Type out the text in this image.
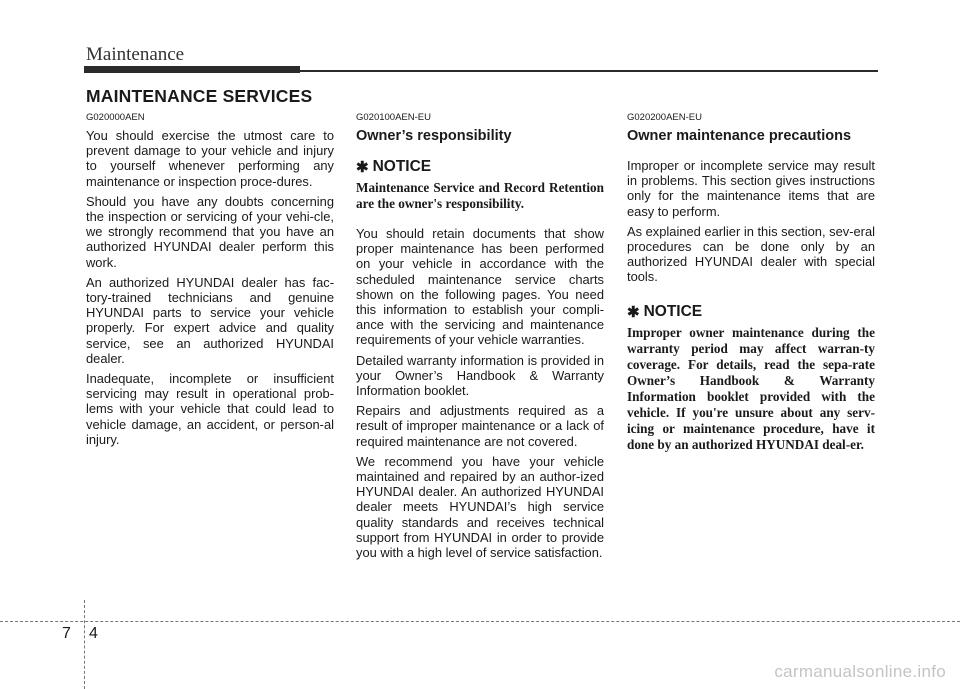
Maintenance
MAINTENANCE SERVICES
G020000AEN

You should exercise the utmost care to prevent damage to your vehicle and injury to yourself whenever performing any maintenance or inspection proce-dures.

Should you have any doubts concerning the inspection or servicing of your vehi-cle, we strongly recommend that you have an authorized HYUNDAI dealer perform this work.

An authorized HYUNDAI dealer has fac-tory-trained technicians and genuine HYUNDAI parts to service your vehicle properly. For expert advice and quality service, see an authorized HYUNDAI dealer.

Inadequate, incomplete or insufficient servicing may result in operational prob-lems with your vehicle that could lead to vehicle damage, an accident, or person-al injury.

G020100AEN-EU
Owner’s responsibility
✱ NOTICE
Maintenance Service and Record Retention are the owner's responsibility.

You should retain documents that show proper maintenance has been performed on your vehicle in accordance with the scheduled maintenance service charts shown on the following pages. You need this information to establish your compli-ance with the servicing and maintenance requirements of your vehicle warranties.

Detailed warranty information is provided in your Owner’s Handbook & Warranty Information booklet.

Repairs and adjustments required as a result of improper maintenance or a lack of required maintenance are not covered.

We recommend you have your vehicle maintained and repaired by an author-ized HYUNDAI dealer. An authorized HYUNDAI dealer meets HYUNDAI’s high service quality standards and receives technical support from HYUNDAI in order to provide you with a high level of service satisfaction.

G020200AEN-EU
Owner maintenance precautions

Improper or incomplete service may result in problems. This section gives instructions only for the maintenance items that are easy to perform.

As explained earlier in this section, sev-eral procedures can be done only by an authorized HYUNDAI dealer with special tools.

✱ NOTICE
Improper owner maintenance during the warranty period may affect warran-ty coverage. For details, read the sepa-rate Owner’s Handbook & Warranty Information booklet provided with the vehicle. If you're unsure about any serv-icing or maintenance procedure, have it done by an authorized HYUNDAI deal-er.
7 4
carmanualsonline.info
